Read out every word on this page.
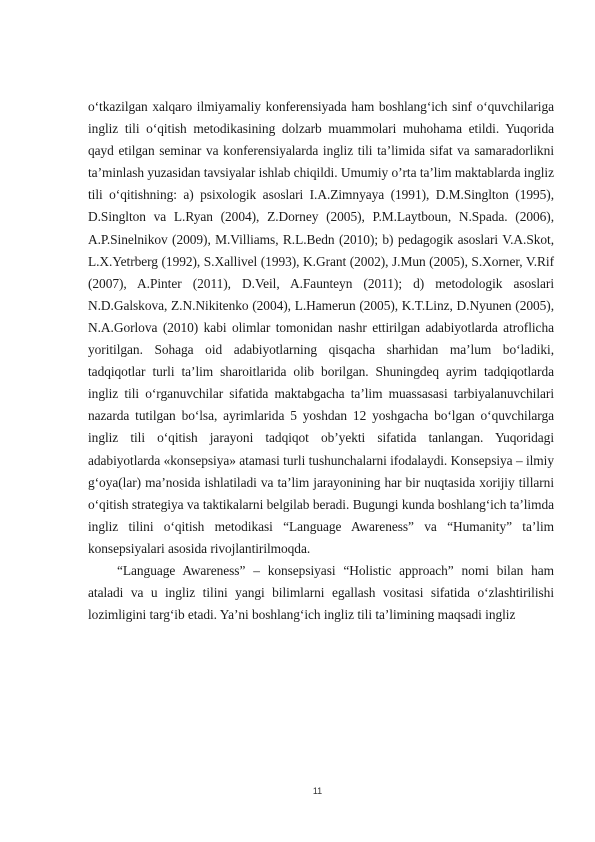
o‘tkazilgan xalqaro ilmiyamaliy konferensiyada ham boshlang‘ich sinf o‘quvchilariga ingliz tili o‘qitish metodikasining dolzarb muammolari muhohama etildi. Yuqorida qayd etilgan seminar va konferensiyalarda ingliz tili ta’limida sifat va samaradorlikni ta’minlash yuzasidan tavsiyalar ishlab chiqildi. Umumiy o’rta ta’lim maktablarda ingliz tili o‘qitishning: a) psixologik asoslari I.A.Zimnyaya (1991), D.M.Singlton (1995), D.Singlton va L.Ryan (2004), Z.Dorney (2005), P.M.Laytboun, N.Spada. (2006), A.P.Sinelnikov (2009), M.Villiams, R.L.Bedn (2010); b) pedagogik asoslari V.A.Skot, L.X.Yetrberg (1992), S.Xallivel (1993), K.Grant (2002), J.Mun (2005), S.Xorner, V.Rif (2007), A.Pinter (2011), D.Veil, A.Faunteyn (2011); d) metodologik asoslari N.D.Galskova, Z.N.Nikitenko (2004), L.Hamerun (2005), K.T.Linz, D.Nyunen (2005), N.A.Gorlova (2010) kabi olimlar tomonidan nashr ettirilgan adabiyotlarda atroflicha yoritilgan. Sohaga oid adabiyotlarning qisqacha sharhidan ma’lum bo‘ladiki, tadqiqotlar turli ta’lim sharoitlarida olib borilgan. Shuningdeq ayrim tadqiqotlarda ingliz tili o‘rganuvchilar sifatida maktabgacha ta’lim muassasasi tarbiyalanuvchilari nazarda tutilgan bo‘lsa, ayrimlarida 5 yoshdan 12 yoshgacha bo‘lgan o‘quvchilarga ingliz tili o‘qitish jarayoni tadqiqot ob’yekti sifatida tanlangan. Yuqoridagi adabiyotlarda «konsepsiya» atamasi turli tushunchalarni ifodalaydi. Konsepsiya – ilmiy g‘oya(lar) ma’nosida ishlatiladi va ta’lim jarayonining har bir nuqtasida xorijiy tillarni o‘qitish strategiya va taktikalarni belgilab beradi. Bugungi kunda boshlang‘ich ta’limda ingliz tilini o‘qitish metodikasi “Language Awareness” va “Humanity” ta’lim konsepsiyalari asosida rivojlantirilmoqda.

“Language Awareness” – konsepsiyasi “Holistic approach” nomi bilan ham ataladi va u ingliz tilini yangi bilimlarni egallash vositasi sifatida o‘zlashtirilishi lozimligini targ‘ib etadi. Ya’ni boshlang‘ich ingliz tili ta’limining maqsadi ingliz

11
